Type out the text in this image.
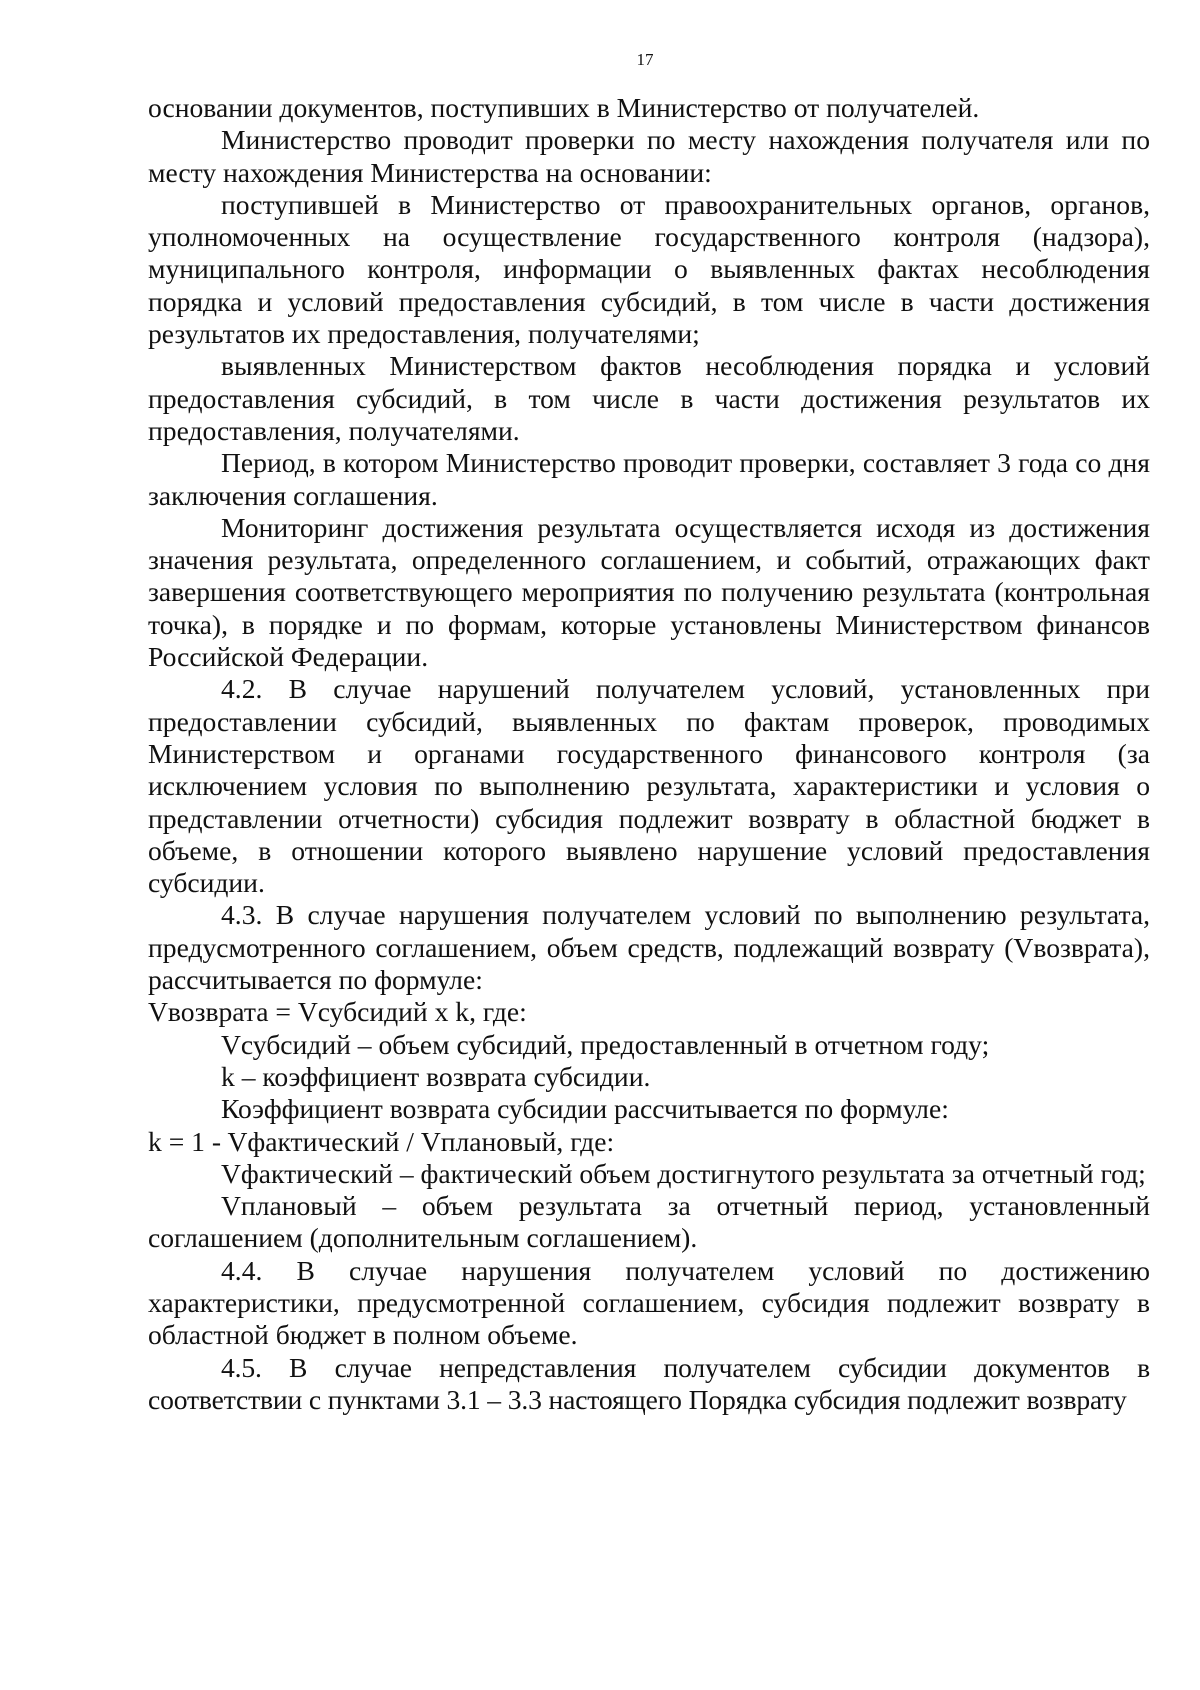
17

основании документов, поступивших в Министерство от получателей.

Министерство проводит проверки по месту нахождения получателя или по месту нахождения Министерства на основании:

поступившей в Министерство от правоохранительных органов, органов, уполномоченных на осуществление государственного контроля (надзора), муниципального контроля, информации о выявленных фактах несоблюдения порядка и условий предоставления субсидий, в том числе в части достижения результатов их предоставления, получателями;

выявленных Министерством фактов несоблюдения порядка и условий предоставления субсидий, в том числе в части достижения результатов их предоставления, получателями.

Период, в котором Министерство проводит проверки, составляет 3 года со дня заключения соглашения.

Мониторинг достижения результата осуществляется исходя из достижения значения результата, определенного соглашением, и событий, отражающих факт завершения соответствующего мероприятия по получению результата (контрольная точка), в порядке и по формам, которые установлены Министерством финансов Российской Федерации.

4.2. В случае нарушений получателем условий, установленных при предоставлении субсидий, выявленных по фактам проверок, проводимых Министерством и органами государственного финансового контроля (за исключением условия по выполнению результата, характеристики и условия о представлении отчетности) субсидия подлежит возврату в областной бюджет в объеме, в отношении которого выявлено нарушение условий предоставления субсидии.

4.3. В случае нарушения получателем условий по выполнению результата, предусмотренного соглашением, объем средств, подлежащий возврату (Vвозврата), рассчитывается по формуле:

Vвозврата = Vсубсидий x k, где:

Vсубсидий – объем субсидий, предоставленный в отчетном году;

k – коэффициент возврата субсидии.

Коэффициент возврата субсидии рассчитывается по формуле:

k = 1 - Vфактический / Vплановый, где:

Vфактический – фактический объем достигнутого результата за отчетный год;

Vплановый – объем результата за отчетный период, установленный соглашением (дополнительным соглашением).

4.4. В случае нарушения получателем условий по достижению характеристики, предусмотренной соглашением, субсидия подлежит возврату в областной бюджет в полном объеме.

4.5. В случае непредставления получателем субсидии документов в соответствии с пунктами 3.1 – 3.3 настоящего Порядка субсидия подлежит возврату
